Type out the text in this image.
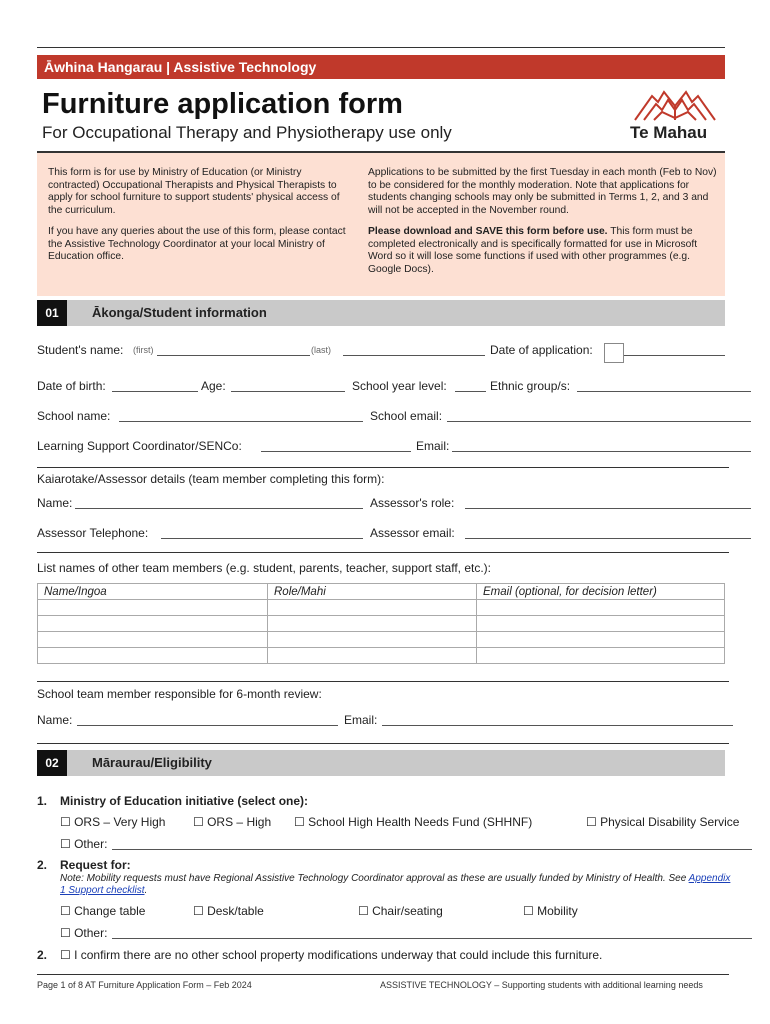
Āwhina Hangarau | Assistive Technology
Furniture application form
For Occupational Therapy and Physiotherapy use only	Te Mahau

This form is for use by Ministry of Education (or Ministry contracted) Occupational Therapists and Physical Therapists to apply for school furniture to support students' physical access of the curriculum.

If you have any queries about the use of this form, please contact the Assistive Technology Coordinator at your local Ministry of Education office.

Applications to be submitted by the first Tuesday in each month (Feb to Nov) to be considered for the monthly moderation. Note that applications for students changing schools may only be submitted in Terms 1, 2, and 3 and will not be accepted in the November round.

Please download and SAVE this form before use. This form must be completed electronically and is specifically formatted for use in Microsoft Word so it will lose some functions if used with other programmes (e.g. Google Docs).

01	Ākonga/Student information
Student's name: (first)	(last)	Date of application:
Date of birth:	Age:	School year level:	Ethnic group/s:
School name:	School email:
Learning Support Coordinator/SENCo:	Email:
Kaiarotake/Assessor details (team member completing this form):
Name:	Assessor's role:
Assessor Telephone:	Assessor email:
List names of other team members (e.g. student, parents, teacher, support staff, etc.):
Name/Ingoa	Role/Mahi	Email (optional, for decision letter)

School team member responsible for 6-month review:
Name:	Email:
02	Māraurau/Eligibility
1. Ministry of Education initiative (select one):
☐ ORS – Very High ☐ ORS – High ☐ School High Health Needs Fund (SHHNF)	☐ Physical Disability Service
☐ Other:
2. Request for:
Note: Mobility requests must have Regional Assistive Technology Coordinator approval as these are usually funded by Ministry of Health. See Appendix 1 Support checklist.
☐ Change table	☐ Desk/table	☐ Chair/seating	☐ Mobility
☐ Other:
2. ☐ I confirm there are no other school property modifications underway that could include this furniture.
Page 1 of 8 AT Furniture Application Form – Feb 2024	ASSISTIVE TECHNOLOGY – Supporting students with additional learning needs
